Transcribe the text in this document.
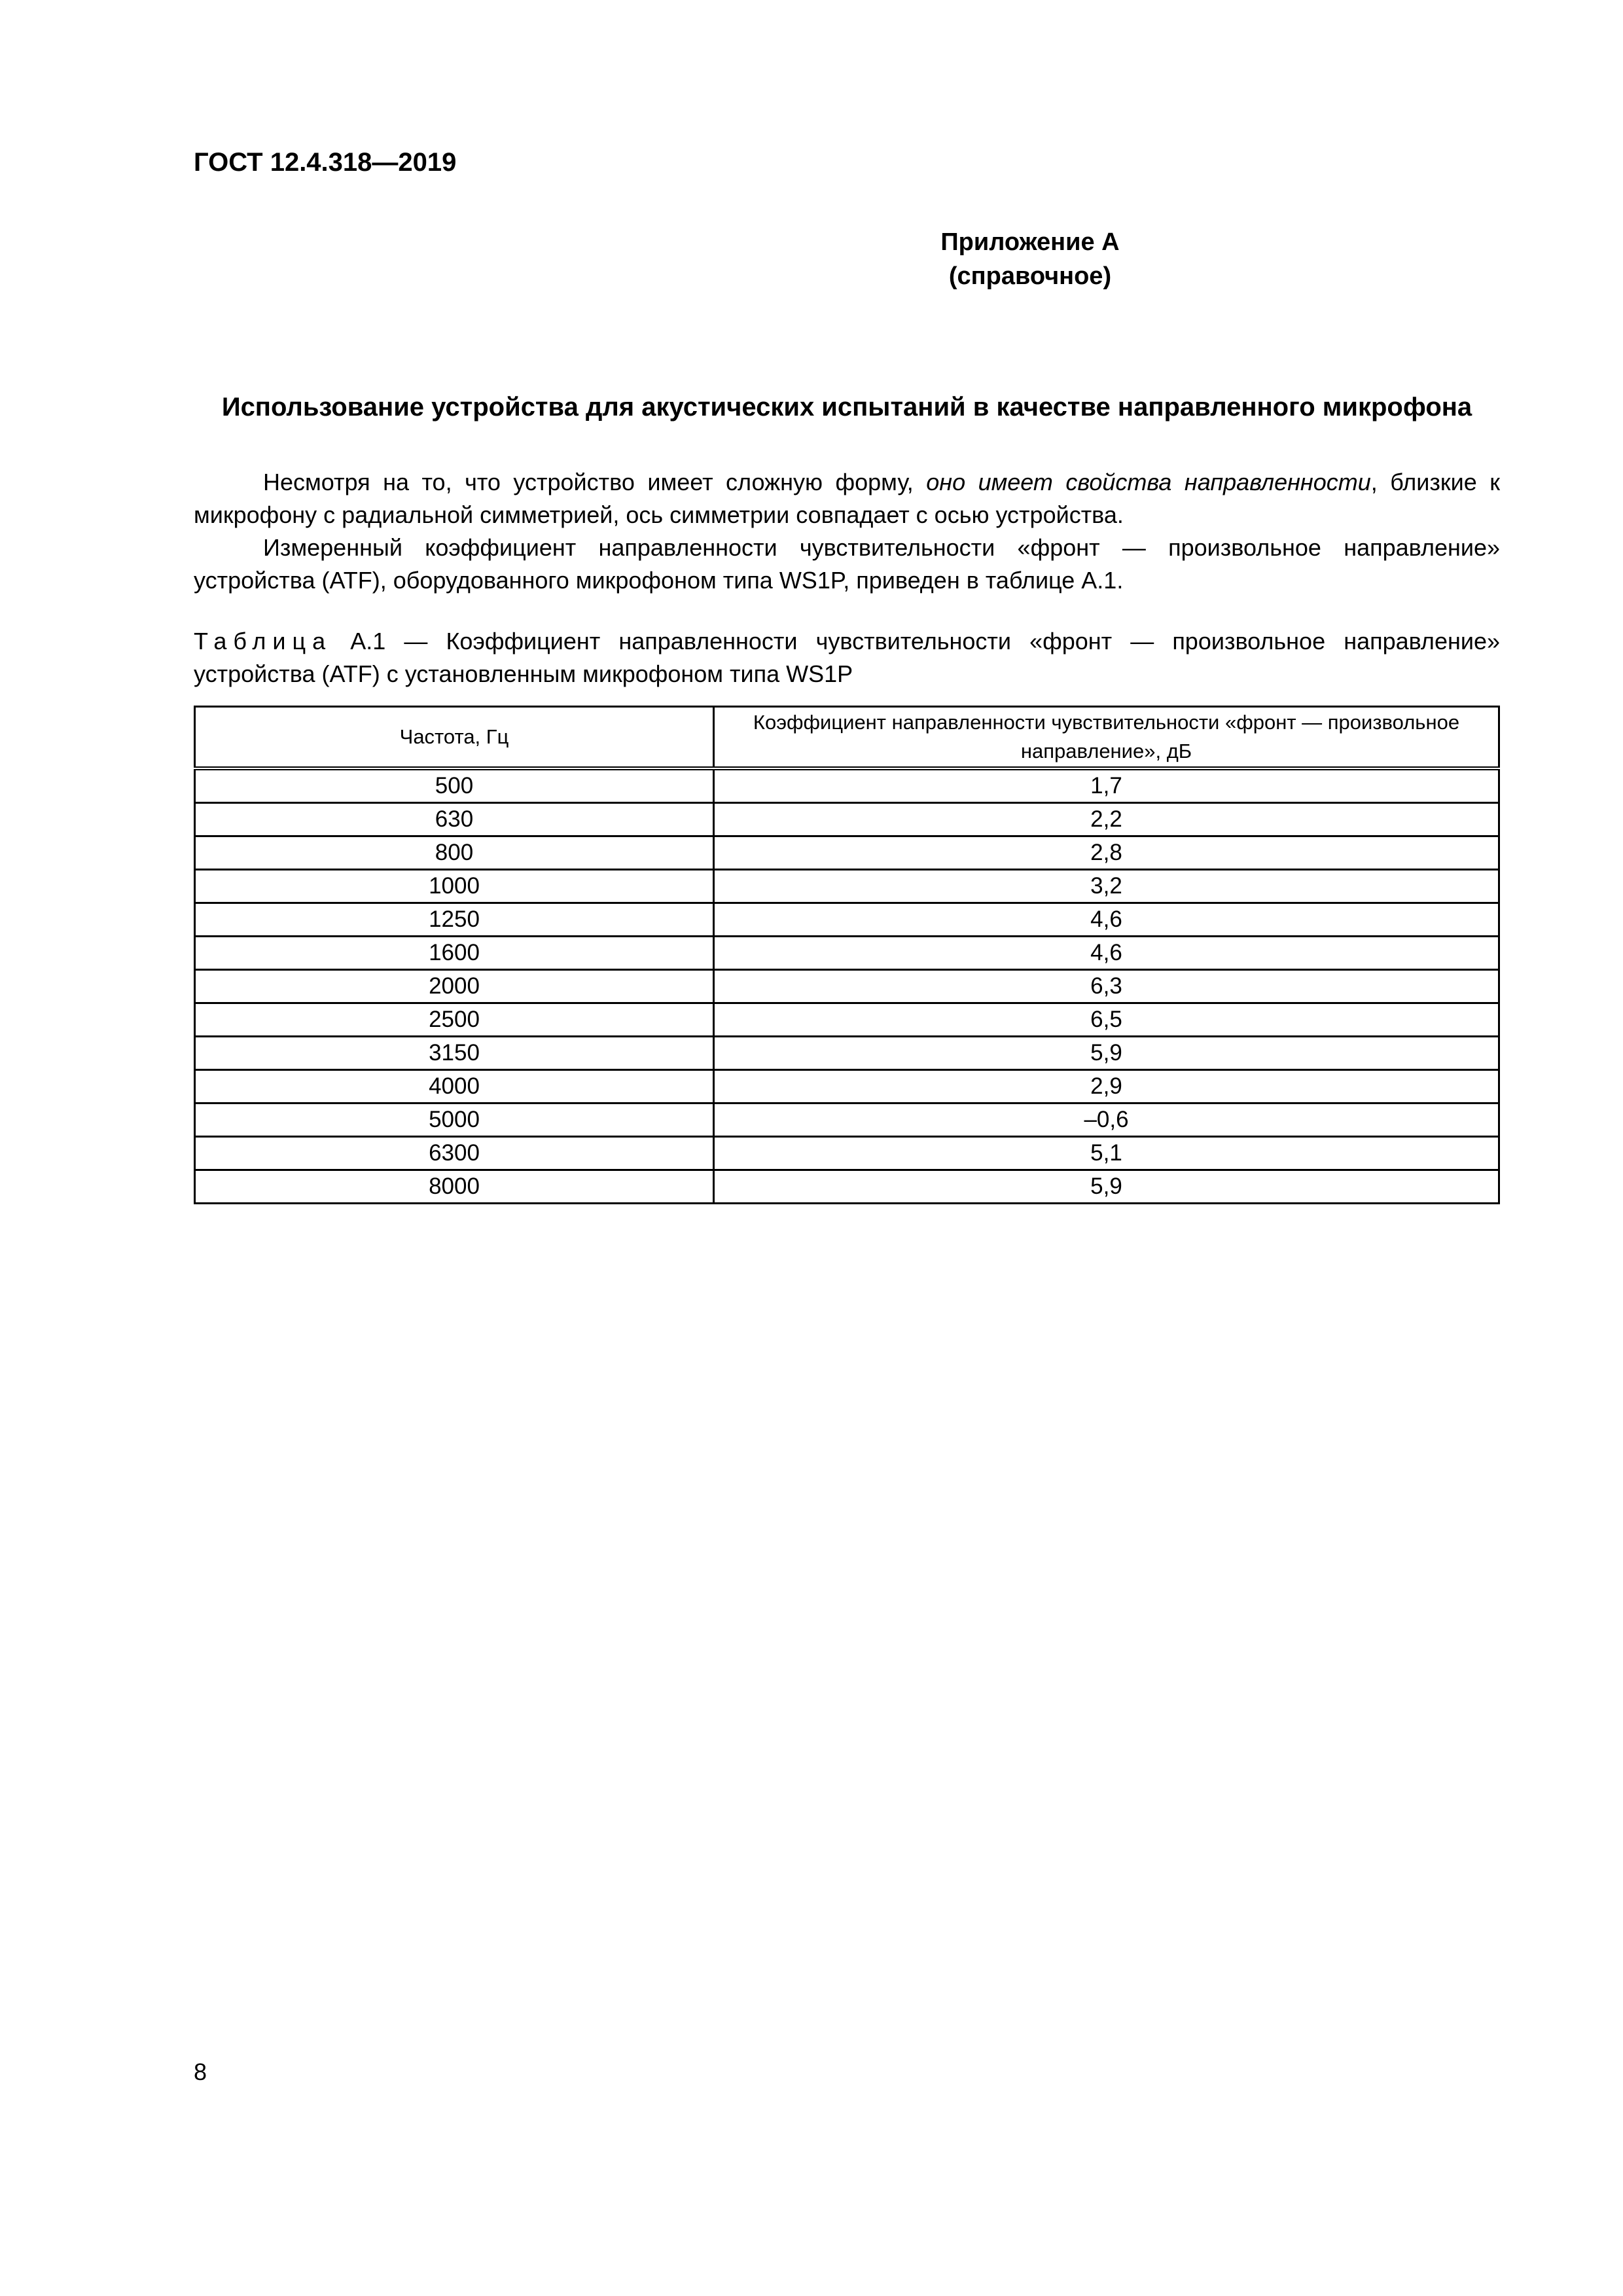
ГОСТ 12.4.318—2019
Приложение А
(справочное)
Использование устройства для акустических испытаний в качестве направленного микрофона
Несмотря на то, что устройство имеет сложную форму, оно имеет свойства направленности, близкие к микрофону с радиальной симметрией, ось симметрии совпадает с осью устройства.
Измеренный коэффициент направленности чувствительности «фронт — произвольное направление» устройства (ATF), оборудованного микрофоном типа WS1P, приведен в таблице А.1.
Таблица А.1 — Коэффициент направленности чувствительности «фронт — произвольное направление» устройства (ATF) с установленным микрофоном типа WS1P
Частота, Гц	Коэффициент направленности чувствительности «фронт — произвольное направление», дБ
500	1,7
630	2,2
800	2,8
1000	3,2
1250	4,6
1600	4,6
2000	6,3
2500	6,5
3150	5,9
4000	2,9
5000	–0,6
6300	5,1
8000	5,9
8
